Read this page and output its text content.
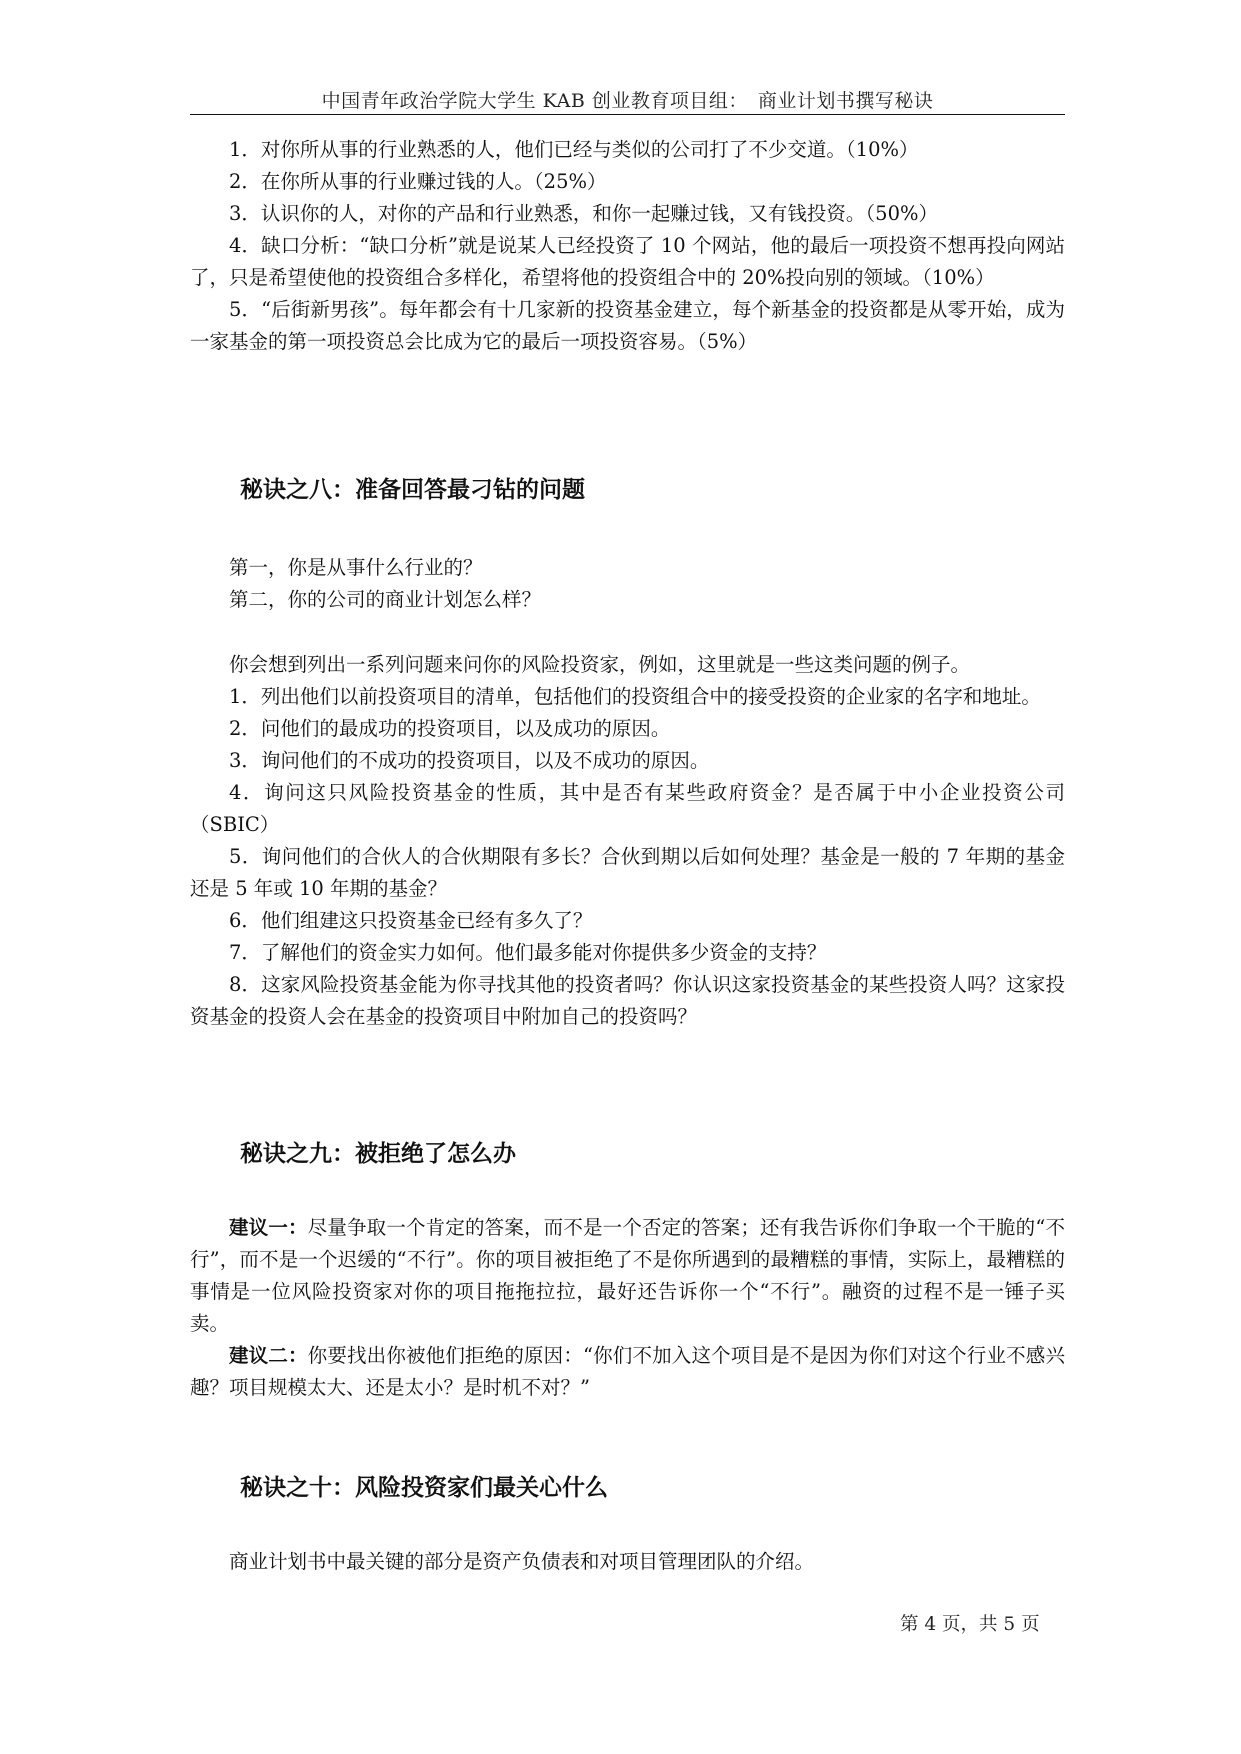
中国青年政治学院大学生 KAB 创业教育项目组：　商业计划书撰写秘诀

1．对你所从事的行业熟悉的人，他们已经与类似的公司打了不少交道。（10%）

2．在你所从事的行业赚过钱的人。（25%）

3．认识你的人，对你的产品和行业熟悉，和你一起赚过钱，又有钱投资。（50%）

4．缺口分析：“缺口分析”就是说某人已经投资了 10 个网站，他的最后一项投资不想再投向网站了，只是希望使他的投资组合多样化，希望将他的投资组合中的 20%投向别的领域。（10%）

5．“后街新男孩”。每年都会有十几家新的投资基金建立，每个新基金的投资都是从零开始，成为一家基金的第一项投资总会比成为它的最后一项投资容易。（5%）

秘诀之八：准备回答最刁钻的问题

第一，你是从事什么行业的？

第二，你的公司的商业计划怎么样？

你会想到列出一系列问题来问你的风险投资家，例如，这里就是一些这类问题的例子。

1．列出他们以前投资项目的清单，包括他们的投资组合中的接受投资的企业家的名字和地址。

2．问他们的最成功的投资项目，以及成功的原因。

3．询问他们的不成功的投资项目，以及不成功的原因。

4．询问这只风险投资基金的性质，其中是否有某些政府资金？是否属于中小企业投资公司（SBIC）

5．询问他们的合伙人的合伙期限有多长？合伙到期以后如何处理？基金是一般的 7 年期的基金还是 5 年或 10 年期的基金？

6．他们组建这只投资基金已经有多久了？

7．了解他们的资金实力如何。他们最多能对你提供多少资金的支持？

8．这家风险投资基金能为你寻找其他的投资者吗？你认识这家投资基金的某些投资人吗？这家投资基金的投资人会在基金的投资项目中附加自己的投资吗？

秘诀之九：被拒绝了怎么办

建议一：尽量争取一个肯定的答案，而不是一个否定的答案；还有我告诉你们争取一个干脆的“不行”，而不是一个迟缓的“不行”。你的项目被拒绝了不是你所遇到的最糟糕的事情，实际上，最糟糕的事情是一位风险投资家对你的项目拖拖拉拉，最好还告诉你一个“不行”。融资的过程不是一锤子买卖。

建议二：你要找出你被他们拒绝的原因：“你们不加入这个项目是不是因为你们对这个行业不感兴趣？项目规模太大、还是太小？是时机不对？”

秘诀之十：风险投资家们最关心什么

商业计划书中最关键的部分是资产负债表和对项目管理团队的介绍。

第 4 页，共 5 页
